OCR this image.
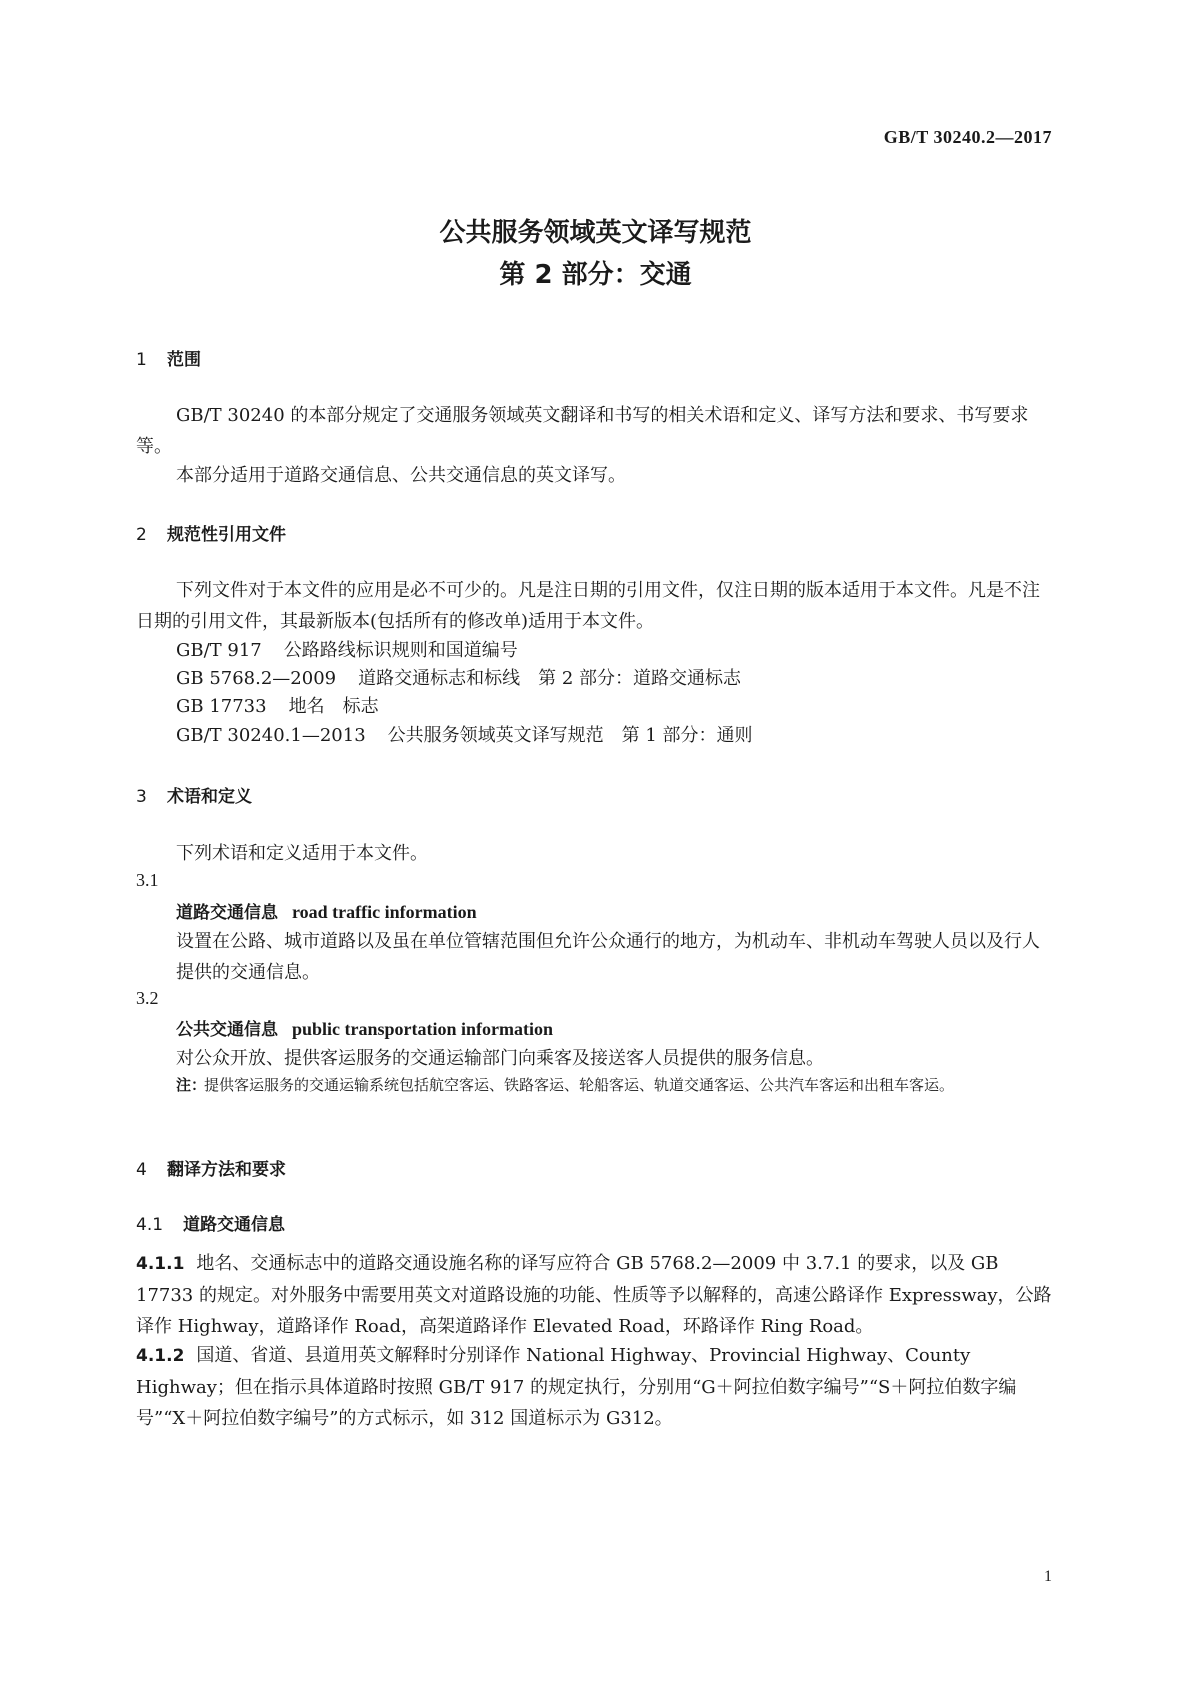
GB/T 30240.2—2017
公共服务领域英文译写规范
第 2 部分：交通
1 范围
GB/T 30240 的本部分规定了交通服务领域英文翻译和书写的相关术语和定义、译写方法和要求、书写要求等。
本部分适用于道路交通信息、公共交通信息的英文译写。
2 规范性引用文件
下列文件对于本文件的应用是必不可少的。凡是注日期的引用文件，仅注日期的版本适用于本文件。凡是不注日期的引用文件，其最新版本(包括所有的修改单)适用于本文件。
GB/T 917 公路路线标识规则和国道编号
GB 5768.2—2009 道路交通标志和标线　第 2 部分：道路交通标志
GB 17733 地名　标志
GB/T 30240.1—2013 公共服务领域英文译写规范　第 1 部分：通则
3 术语和定义
下列术语和定义适用于本文件。
3.1
道路交通信息 road traffic information
设置在公路、城市道路以及虽在单位管辖范围但允许公众通行的地方，为机动车、非机动车驾驶人员以及行人提供的交通信息。
3.2
公共交通信息 public transportation information
对公众开放、提供客运服务的交通运输部门向乘客及接送客人员提供的服务信息。
注：
提供客运服务的交通运输系统包括航空客运、铁路客运、轮船客运、轨道交通客运、公共汽车客运和出租车客运。
4 翻译方法和要求
4.1 道路交通信息
4.1.1 地名、交通标志中的道路交通设施名称的译写应符合 GB 5768.2—2009 中 3.7.1 的要求，以及 GB 17733 的规定。对外服务中需要用英文对道路设施的功能、性质等予以解释的，高速公路译作 Expressway，公路译作 Highway，道路译作 Road，高架道路译作 Elevated Road，环路译作 Ring Road。
4.1.2 国道、省道、县道用英文解释时分别译作 National Highway、Provincial Highway、County Highway；但在指示具体道路时按照 GB/T 917 的规定执行，分别用“G＋阿拉伯数字编号”“S＋阿拉伯数字编号”“X＋阿拉伯数字编号”的方式标示，如 312 国道标示为 G312。
1
